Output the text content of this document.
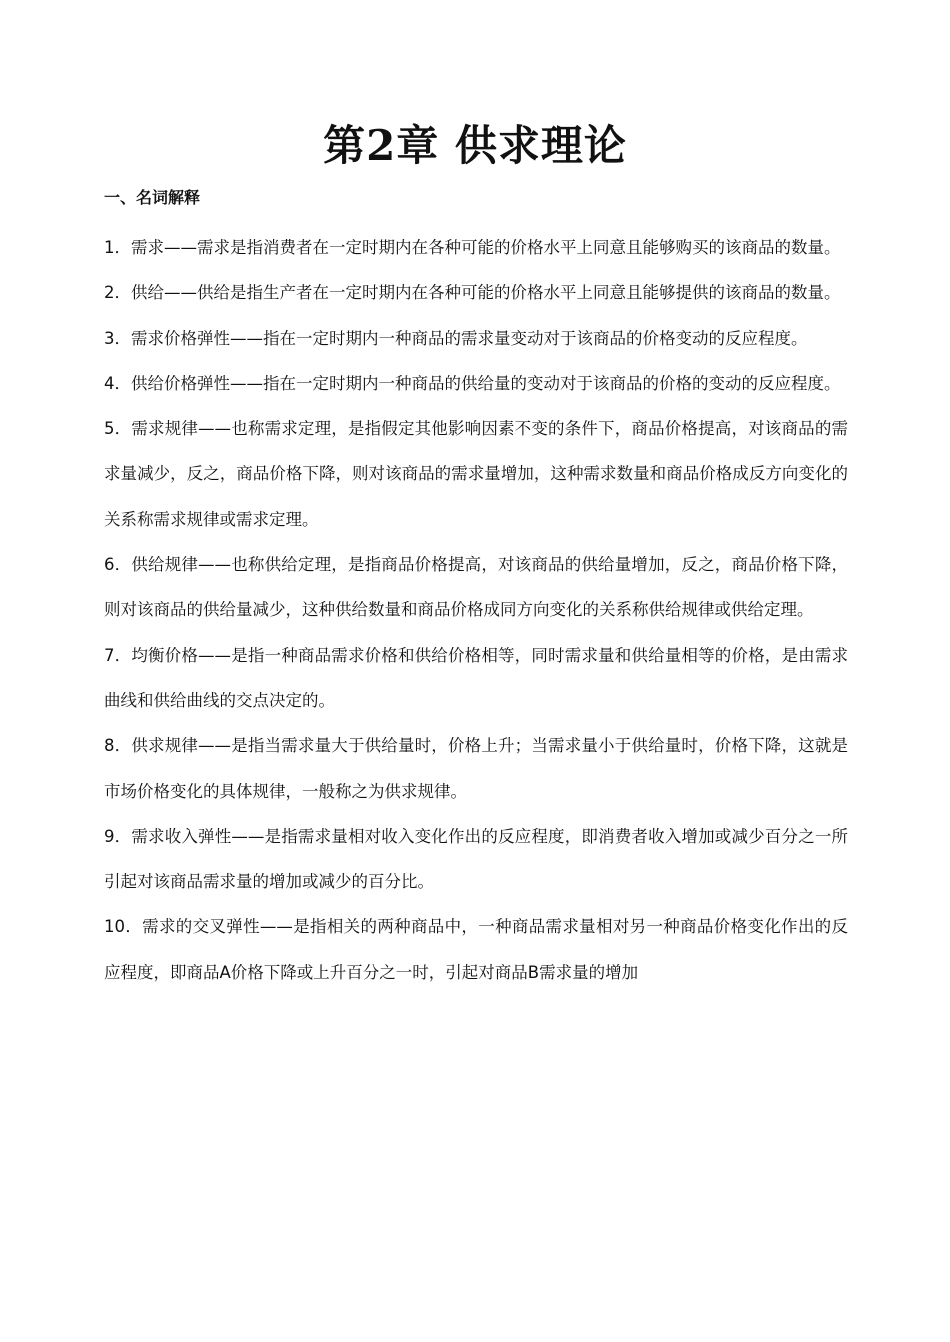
第2章 供求理论
一、名词解释

1．需求——需求是指消费者在一定时期内在各种可能的价格水平上同意且能够购买的该商品的数量。

2．供给——供给是指生产者在一定时期内在各种可能的价格水平上同意且能够提供的该商品的数量。

3．需求价格弹性——指在一定时期内一种商品的需求量变动对于该商品的价格变动的反应程度。

4．供给价格弹性——指在一定时期内一种商品的供给量的变动对于该商品的价格的变动的反应程度。

5．需求规律——也称需求定理，是指假定其他影响因素不变的条件下，商品价格提高，对该商品的需求量减少，反之，商品价格下降，则对该商品的需求量增加，这种需求数量和商品价格成反方向变化的关系称需求规律或需求定理。

6．供给规律——也称供给定理，是指商品价格提高，对该商品的供给量增加，反之，商品价格下降，则对该商品的供给量减少，这种供给数量和商品价格成同方向变化的关系称供给规律或供给定理。

7．均衡价格——是指一种商品需求价格和供给价格相等，同时需求量和供给量相等的价格，是由需求曲线和供给曲线的交点决定的。

8．供求规律——是指当需求量大于供给量时，价格上升；当需求量小于供给量时，价格下降，这就是市场价格变化的具体规律，一般称之为供求规律。

9．需求收入弹性——是指需求量相对收入变化作出的反应程度，即消费者收入增加或减少百分之一所引起对该商品需求量的增加或减少的百分比。

10．需求的交叉弹性——是指相关的两种商品中，一种商品需求量相对另一种商品价格变化作出的反应程度，即商品A价格下降或上升百分之一时，引起对商品B需求量的增加
